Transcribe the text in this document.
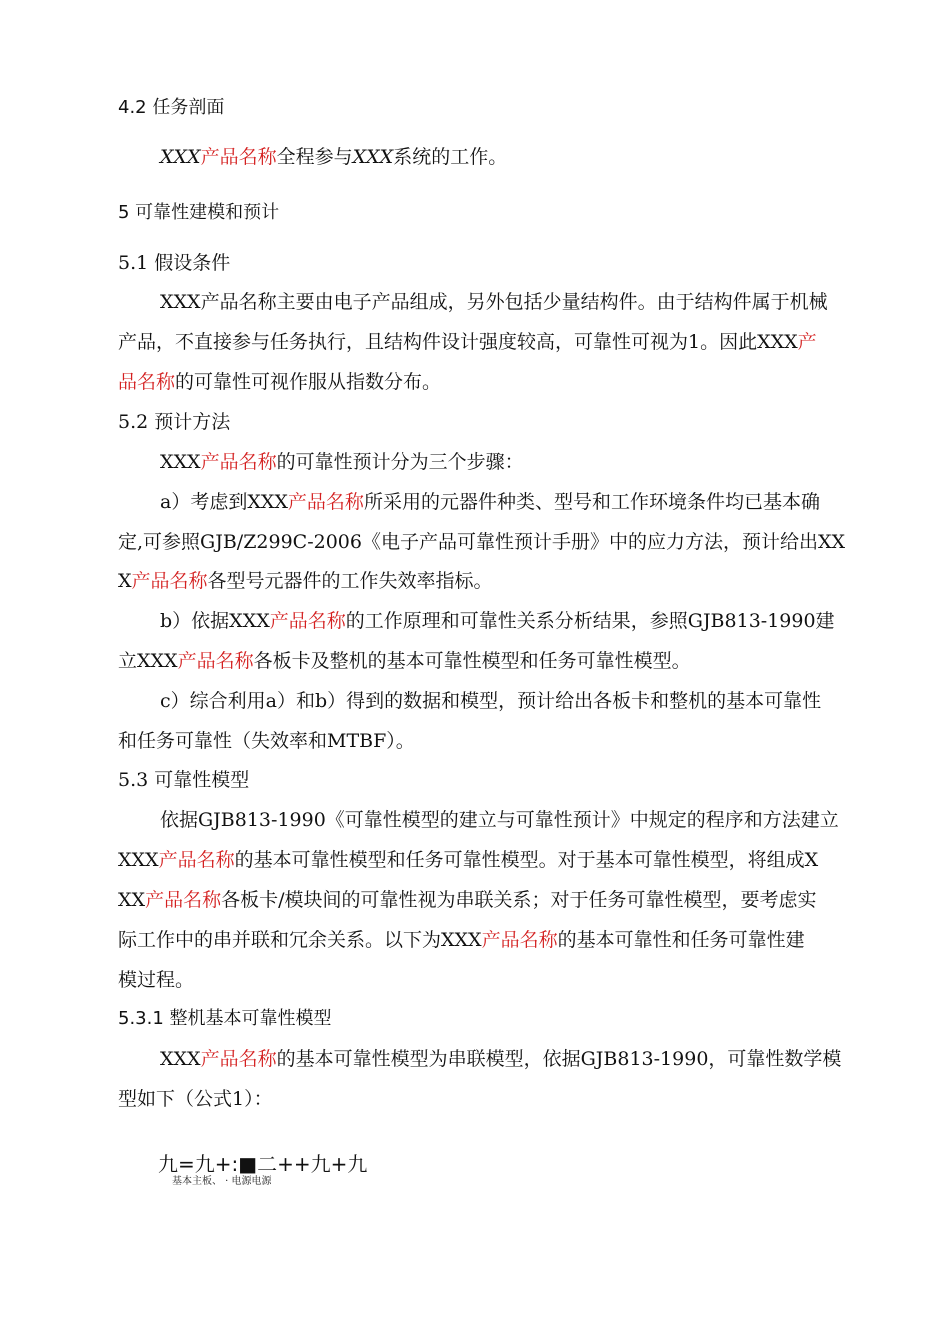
4.2 任务剖面
XXX产品名称全程参与XXX系统的工作。
5 可靠性建模和预计
5.1 假设条件
XXX产品名称主要由电子产品组成，另外包括少量结构件。由于结构件属于机械
产品，不直接参与任务执行，且结构件设计强度较高，可靠性可视为1。因此XXX产
品名称的可靠性可视作服从指数分布。
5.2 预计方法
XXX产品名称的可靠性预计分为三个步骤：
a）考虑到XXX产品名称所采用的元器件种类、型号和工作环境条件均已基本确
定,可参照GJB/Z299C-2006《电子产品可靠性预计手册》中的应力方法，预计给出XX
X产品名称各型号元器件的工作失效率指标。
b）依据XXX产品名称的工作原理和可靠性关系分析结果，参照GJB813-1990建
立XXX产品名称各板卡及整机的基本可靠性模型和任务可靠性模型。
c）综合利用a）和b）得到的数据和模型，预计给出各板卡和整机的基本可靠性
和任务可靠性（失效率和MTBF）。
5.3 可靠性模型
依据GJB813-1990《可靠性模型的建立与可靠性预计》中规定的程序和方法建立
XXX产品名称的基本可靠性模型和任务可靠性模型。对于基本可靠性模型，将组成X
XX产品名称各板卡/模块间的可靠性视为串联关系；对于任务可靠性模型，要考虑实
际工作中的串并联和冗余关系。以下为XXX产品名称的基本可靠性和任务可靠性建
模过程。
5.3.1 整机基本可靠性模型
XXX产品名称的基本可靠性模型为串联模型，依据GJB813-1990，可靠性数学模
型如下（公式1）：
九=九+:■二++九+九
基本主板、 · 电源电源
